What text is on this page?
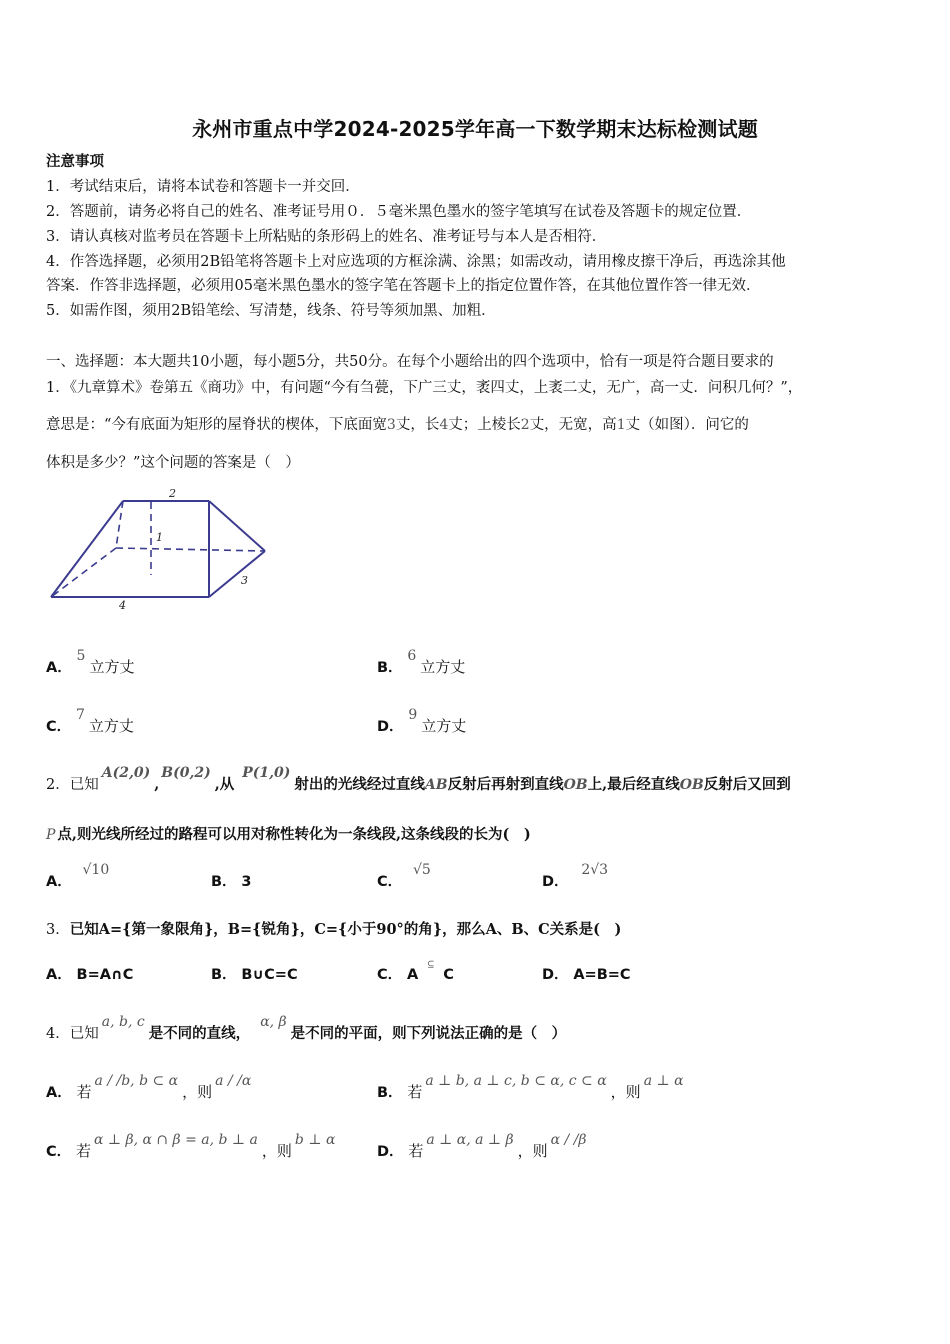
永州市重点中学2024-2025学年高一下数学期末达标检测试题
注意事项
1．考试结束后，请将本试卷和答题卡一并交回．
2．答题前，请务必将自己的姓名、准考证号用０．５毫米黑色墨水的签字笔填写在试卷及答题卡的规定位置．
3．请认真核对监考员在答题卡上所粘贴的条形码上的姓名、准考证号与本人是否相符．
4．作答选择题，必须用2B铅笔将答题卡上对应选项的方框涂满、涂黑；如需改动，请用橡皮擦干净后，再选涂其他
答案．作答非选择题，必须用05毫米黑色墨水的签字笔在答题卡上的指定位置作答，在其他位置作答一律无效．
5．如需作图，须用2B铅笔绘、写清楚，线条、符号等须加黑、加粗．
一、选择题：本大题共10小题，每小题5分，共50分。在每个小题给出的四个选项中，恰有一项是符合题目要求的
1．《九章算术》卷第五《商功》中，有问题“今有刍甍，下广三丈，袤四丈，上袤二丈，无广，高一丈．问积几何？”，
意思是：“今有底面为矩形的屋脊状的楔体，下底面宽3丈，长4丈；上棱长2丈，无宽，高1丈（如图）．问它的
体积是多少？”这个问题的答案是（　）
2
1
3
4
A． 5立方丈	B． 6立方丈
C． 7立方丈	D． 9立方丈
2．已知A(2,0),B(0,2),从P(1,0)射出的光线经过直线AB反射后再射到直线OB上,最后经直线OB反射后又回到
P 点,则光线所经过的路程可以用对称性转化为一条线段,这条线段的长为(　)
A． √10
B． 3	C． √5
D． 2√3
3．已知A={第一象限角}，B={锐角}，C={小于90°的角}，那么A、B、C关系是(　)
A． B=A∩C	B． B∪C=C	C． A ⊆ C	D． A=B=C
4．已知a, b, c是不同的直线，α, β是不同的平面，则下列说法正确的是（　）
A． 若a / /b, b ⊂ α，则a / /α
B． 若a ⊥ b, a ⊥ c, b ⊂ α, c ⊂ α，则a ⊥ α
C． 若α ⊥ β, α ∩ β = a, b ⊥ a，则b ⊥ α
D． 若a ⊥ α, a ⊥ β，则α / /β
